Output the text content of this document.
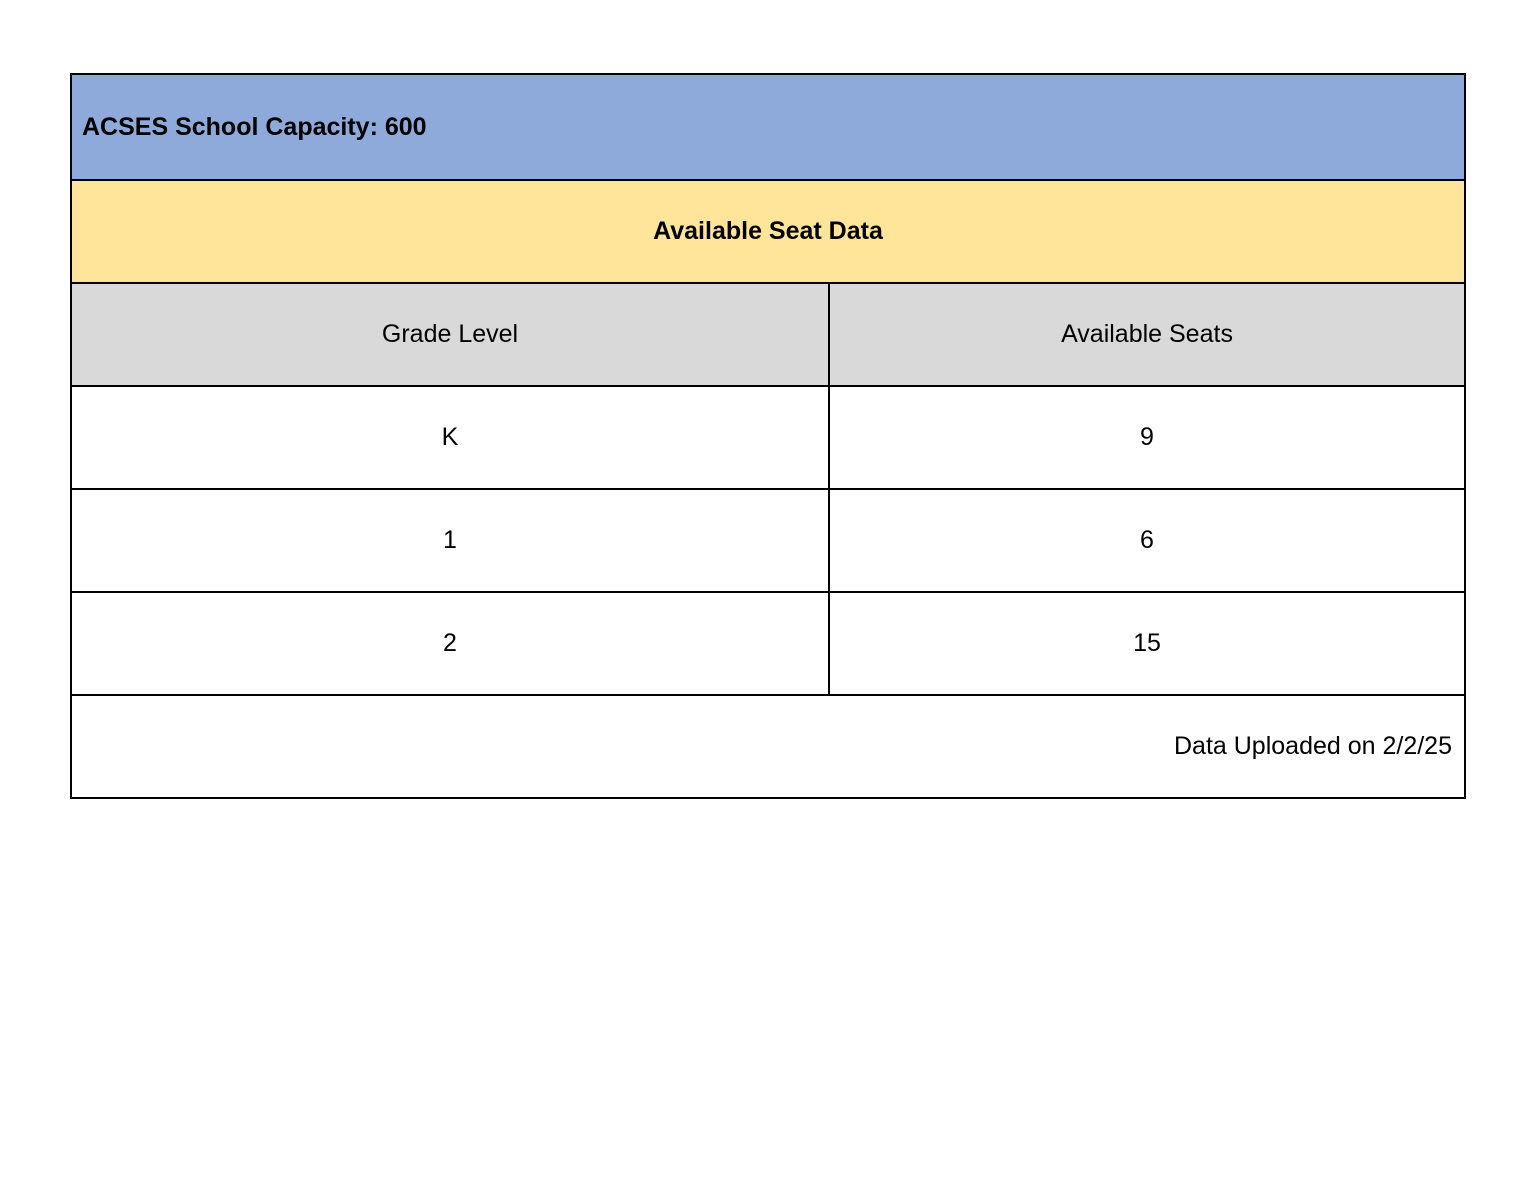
ACSES School Capacity: 600
Available Seat Data
Grade Level	Available Seats
K	9
1	6
2	15
Data Uploaded on 2/2/25
